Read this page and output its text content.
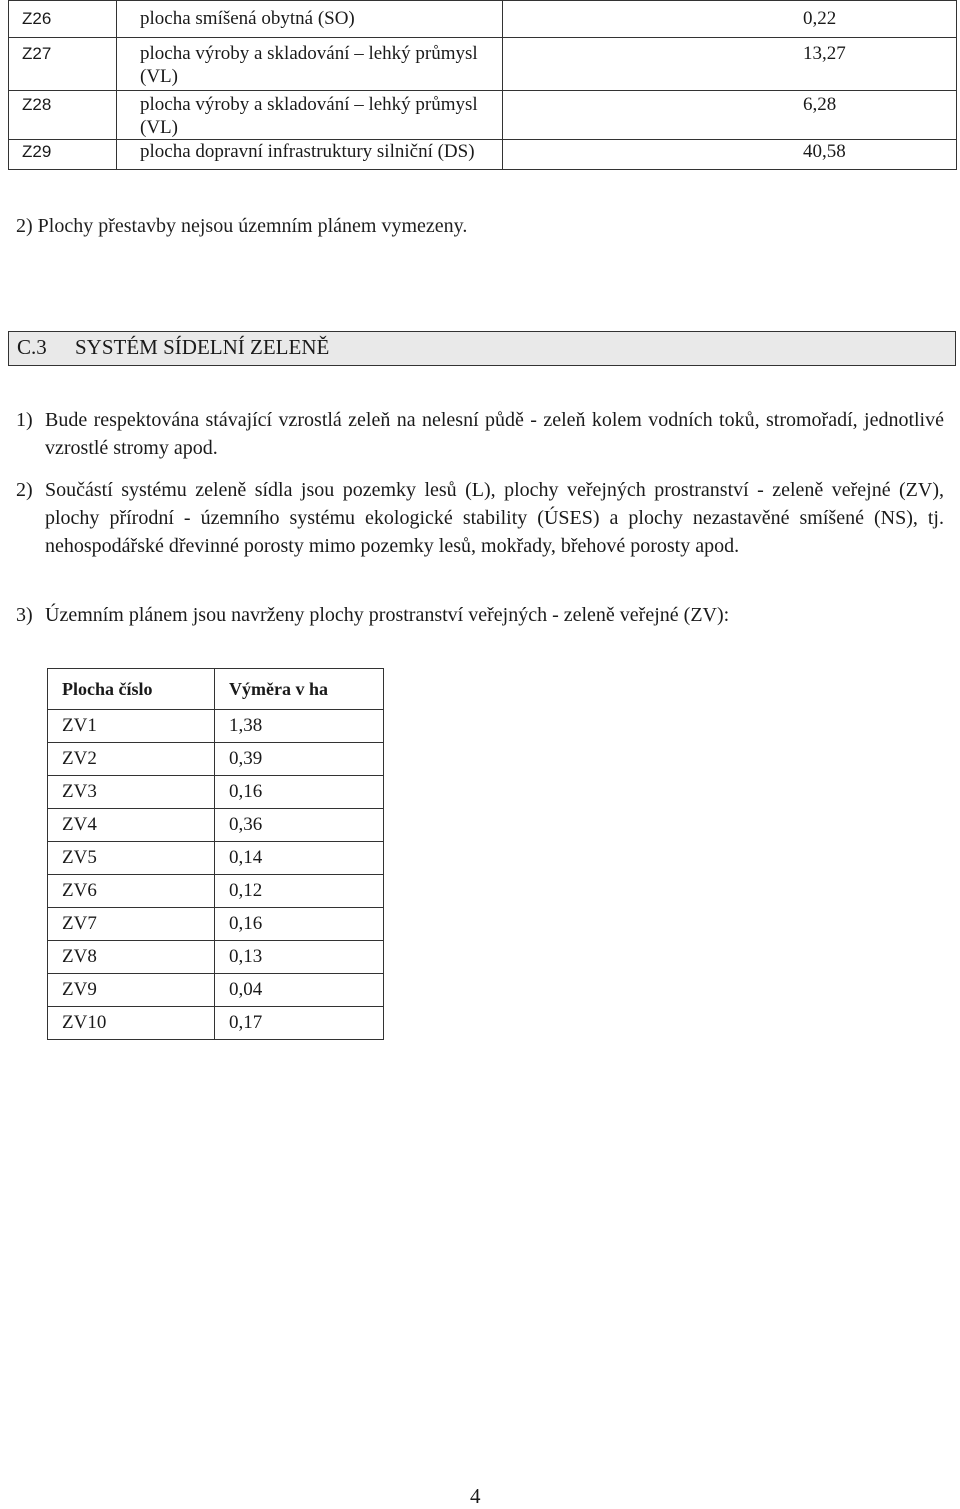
Z26	plocha smíšená obytná (SO)	0,22
Z27	plocha výroby a skladování – lehký průmysl (VL)	13,27
Z28	plocha výroby a skladování – lehký průmysl (VL)	6,28
Z29	plocha dopravní infrastruktury silniční (DS)	40,58
2) Plochy přestavby nejsou územním plánem vymezeny.
C.3 SYSTÉM SÍDELNÍ ZELENĚ
1) Bude respektována stávající vzrostlá zeleň na nelesní půdě - zeleň kolem vodních toků, stromořadí, jednotlivé vzrostlé stromy apod.
2) Součástí systému zeleně sídla jsou pozemky lesů (L), plochy veřejných prostranství - zeleně veřejné (ZV), plochy přírodní - územního systému ekologické stability (ÚSES) a plochy nezastavěné smíšené (NS), tj. nehospodářské dřevinné porosty mimo pozemky lesů, mokřady, břehové porosty apod.
3) Územním plánem jsou navrženy plochy prostranství veřejných - zeleně veřejné (ZV):
Plocha číslo	Výměra v ha
ZV1	1,38
ZV2	0,39
ZV3	0,16
ZV4	0,36
ZV5	0,14
ZV6	0,12
ZV7	0,16
ZV8	0,13
ZV9	0,04
ZV10	0,17
4
